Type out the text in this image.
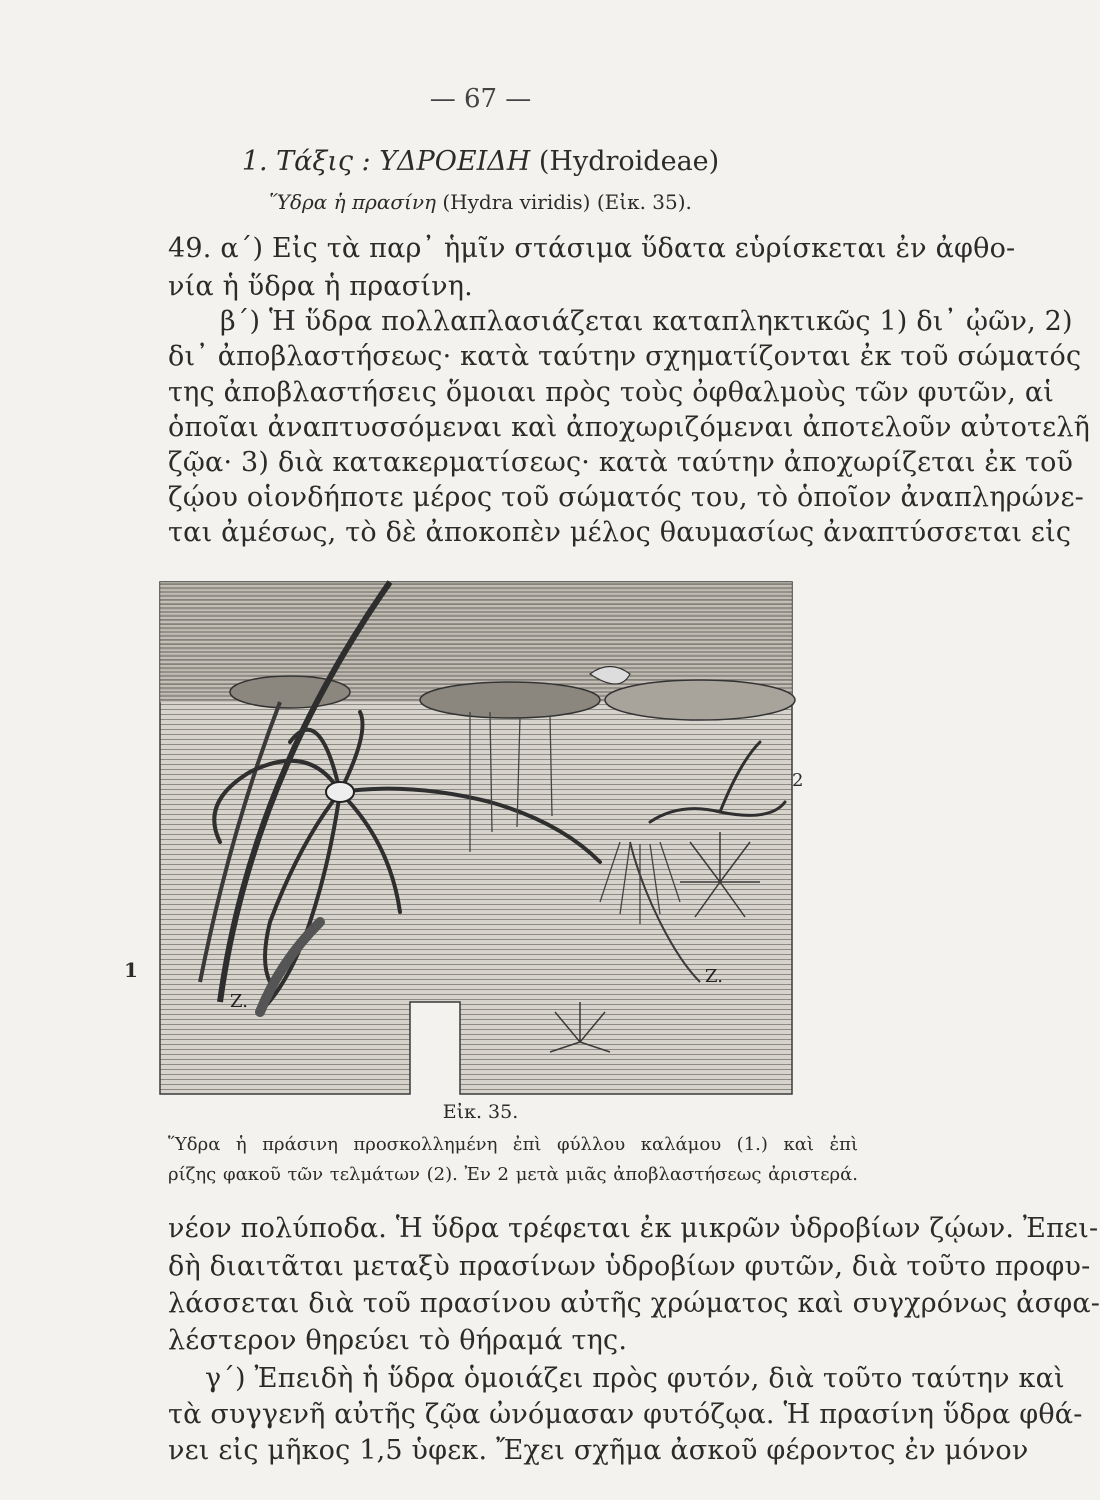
— 67 —
1. Τάξις : ΥΔΡΟΕΙΔΗ (Hydroideae)
Ὕδρα ἡ πρασίνη (Hydra viridis) (Εἰκ. 35).
49. α΄) Εἰς τὰ παρ᾽ ἡμῖν στάσιμα ὕδατα εὑρίσκεται ἐν ἀφθο-
νία ἡ ὕδρα ἡ πρασίνη.
β΄) Ἡ ὕδρα πολλαπλασιάζεται καταπληκτικῶς 1) δι᾽ ᾠῶν, 2)
δι᾽ ἀποβλαστήσεως· κατὰ ταύτην σχηματίζονται ἐκ τοῦ σώματός
της ἀποβλαστήσεις ὅμοιαι πρὸς τοὺς ὀφθαλμοὺς τῶν φυτῶν, αἱ
ὁποῖαι ἀναπτυσσόμεναι καὶ ἀποχωριζόμεναι ἀποτελοῦν αὐτοτελῆ
ζῷα· 3) διὰ κατακερματίσεως· κατὰ ταύτην ἀποχωρίζεται ἐκ τοῦ
ζῴου οἱονδήποτε μέρος τοῦ σώματός του, τὸ ὁποῖον ἀναπληρώνε-
ται ἀμέσως, τὸ δὲ ἀποκοπὲν μέλος θαυμασίως ἀναπτύσσεται εἰς
Z.
Z.
1
2
Εἰκ. 35.
Ὕδρα ἡ πράσινη προσκολλημένη ἐπὶ φύλλου καλάμου (1.) καὶ ἐπὶ
ρίζης φακοῦ τῶν τελμάτων (2). Ἐν 2 μετὰ μιᾶς ἀποβλαστήσεως ἀριστερά.
νέον πολύποδα. Ἡ ὕδρα τρέφεται ἐκ μικρῶν ὑδροβίων ζῴων. Ἐπει-
δὴ διαιτᾶται μεταξὺ πρασίνων ὑδροβίων φυτῶν, διὰ τοῦτο προφυ-
λάσσεται διὰ τοῦ πρασίνου αὐτῆς χρώματος καὶ συγχρόνως ἀσφα-
λέστερον θηρεύει τὸ θήραμά της.
γ΄) Ἐπειδὴ ἡ ὕδρα ὁμοιάζει πρὸς φυτόν, διὰ τοῦτο ταύτην καὶ
τὰ συγγενῆ αὐτῆς ζῷα ὠνόμασαν φυτόζῳα. Ἡ πρασίνη ὕδρα φθά-
νει εἰς μῆκος 1,5 ὑφεκ. Ἔχει σχῆμα ἀσκοῦ φέροντος ἐν μόνον
